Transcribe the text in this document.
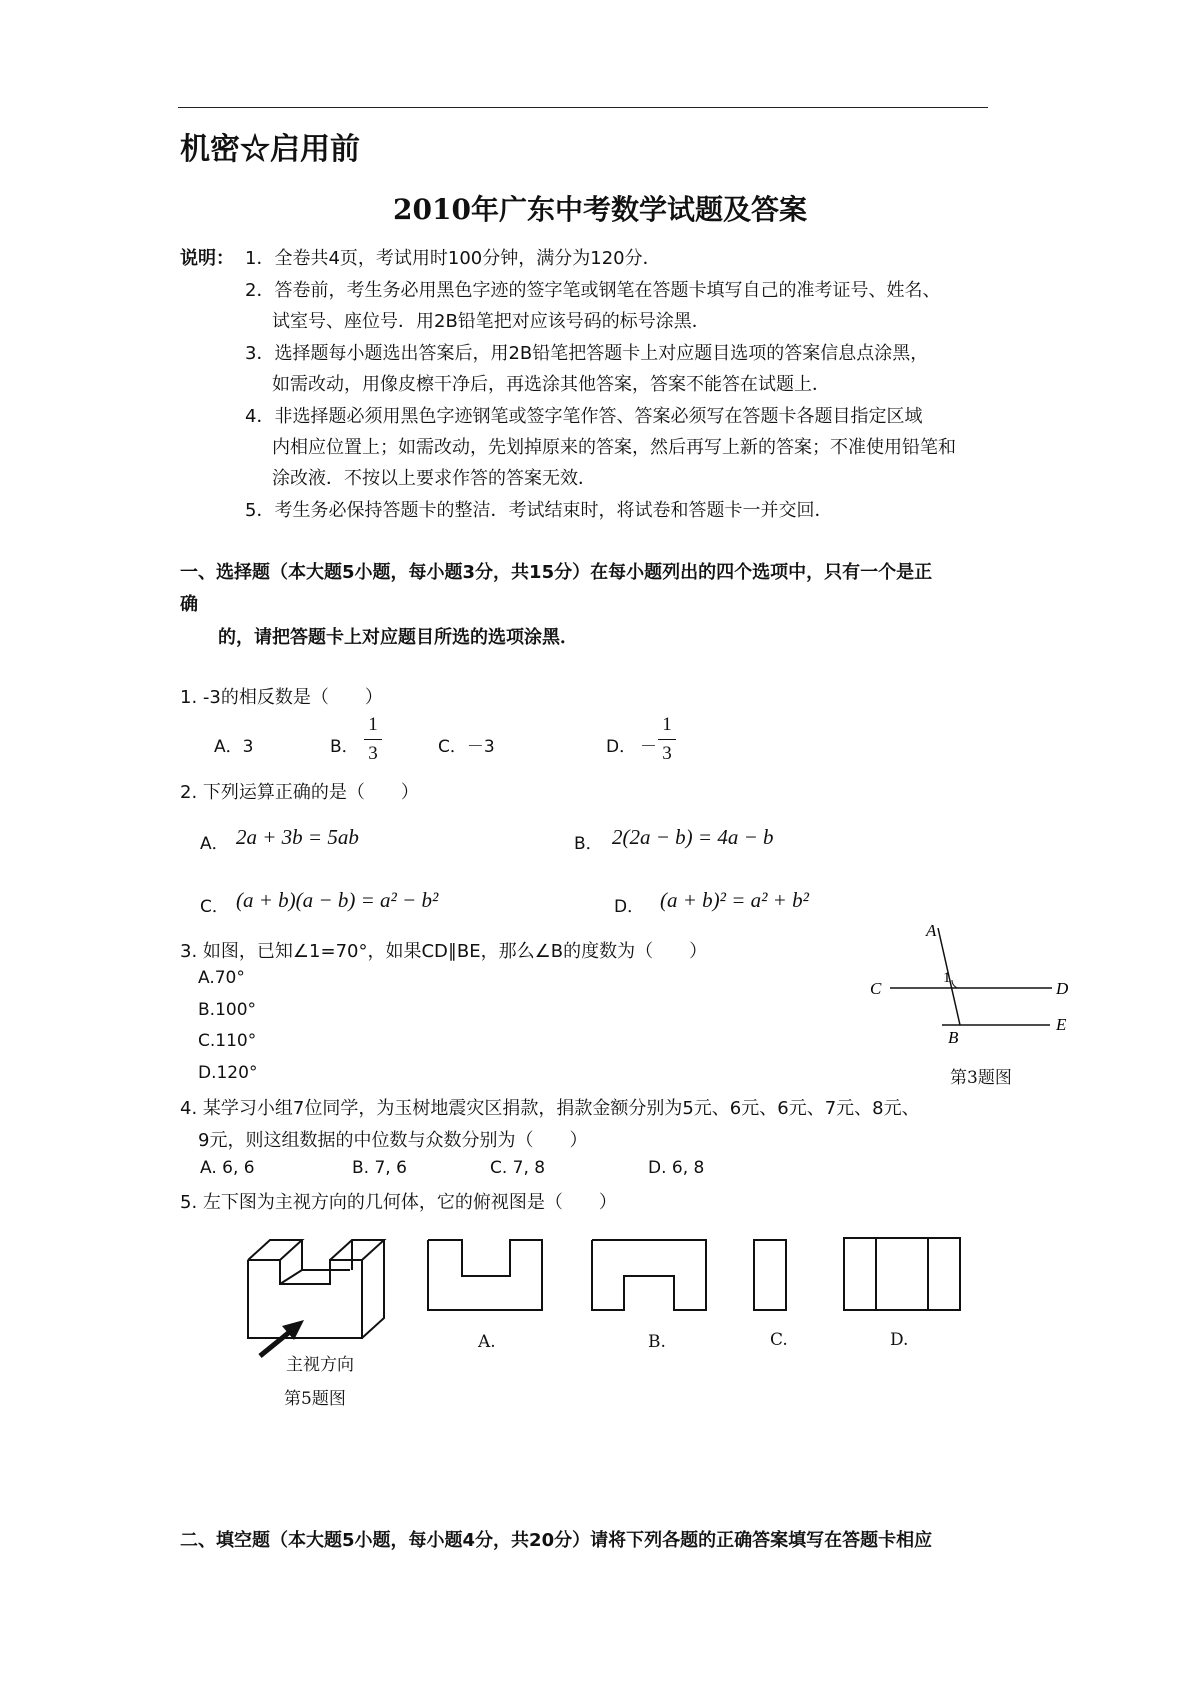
机密☆启用前
2010年广东中考数学试题及答案
说明： 1．全卷共4页，考试用时100分钟，满分为120分．
2．答卷前，考生务必用黑色字迹的签字笔或钢笔在答题卡填写自己的准考证号、姓名、
试室号、座位号．用2B铅笔把对应该号码的标号涂黑．
3．选择题每小题选出答案后，用2B铅笔把答题卡上对应题目选项的答案信息点涂黑，
如需改动，用像皮檫干净后，再选涂其他答案，答案不能答在试题上．
4．非选择题必须用黑色字迹钢笔或签字笔作答、答案必须写在答题卡各题目指定区域
内相应位置上；如需改动，先划掉原来的答案，然后再写上新的答案；不准使用铅笔和
涂改液．不按以上要求作答的答案无效．
5．考生务必保持答题卡的整洁．考试结束时，将试卷和答题卡一并交回．
一、选择题（本大题5小题，每小题3分，共15分）在每小题列出的四个选项中，只有一个是正
确
的，请把答题卡上对应题目所选的选项涂黑．
1. -3的相反数是（　　）
A．3	B．
1
3	C．－3	D． －
1
3
2. 下列运算正确的是（　　）
A． 2a + 3b = 5ab	B． 2(2a − b) = 4a − b
C． (a + b)(a − b) = a² − b²	D． (a + b)² = a² + b²
3. 如图，已知∠1=70°，如果CD∥BE，那么∠B的度数为（　　）
A.70°
B.100°
C.110°
D.120°
A
C	D
1
B
E
第3题图
4. 某学习小组7位同学，为玉树地震灾区捐款，捐款金额分别为5元、6元、6元、7元、8元、
9元，则这组数据的中位数与众数分别为（　　）
A. 6, 6	B. 7, 6	C. 7, 8	D. 6, 8
5. 左下图为主视方向的几何体，它的俯视图是（　　）
主视方向
第5题图
A.	B.	C.	D.
二、填空题（本大题5小题，每小题4分，共20分）请将下列各题的正确答案填写在答题卡相应
